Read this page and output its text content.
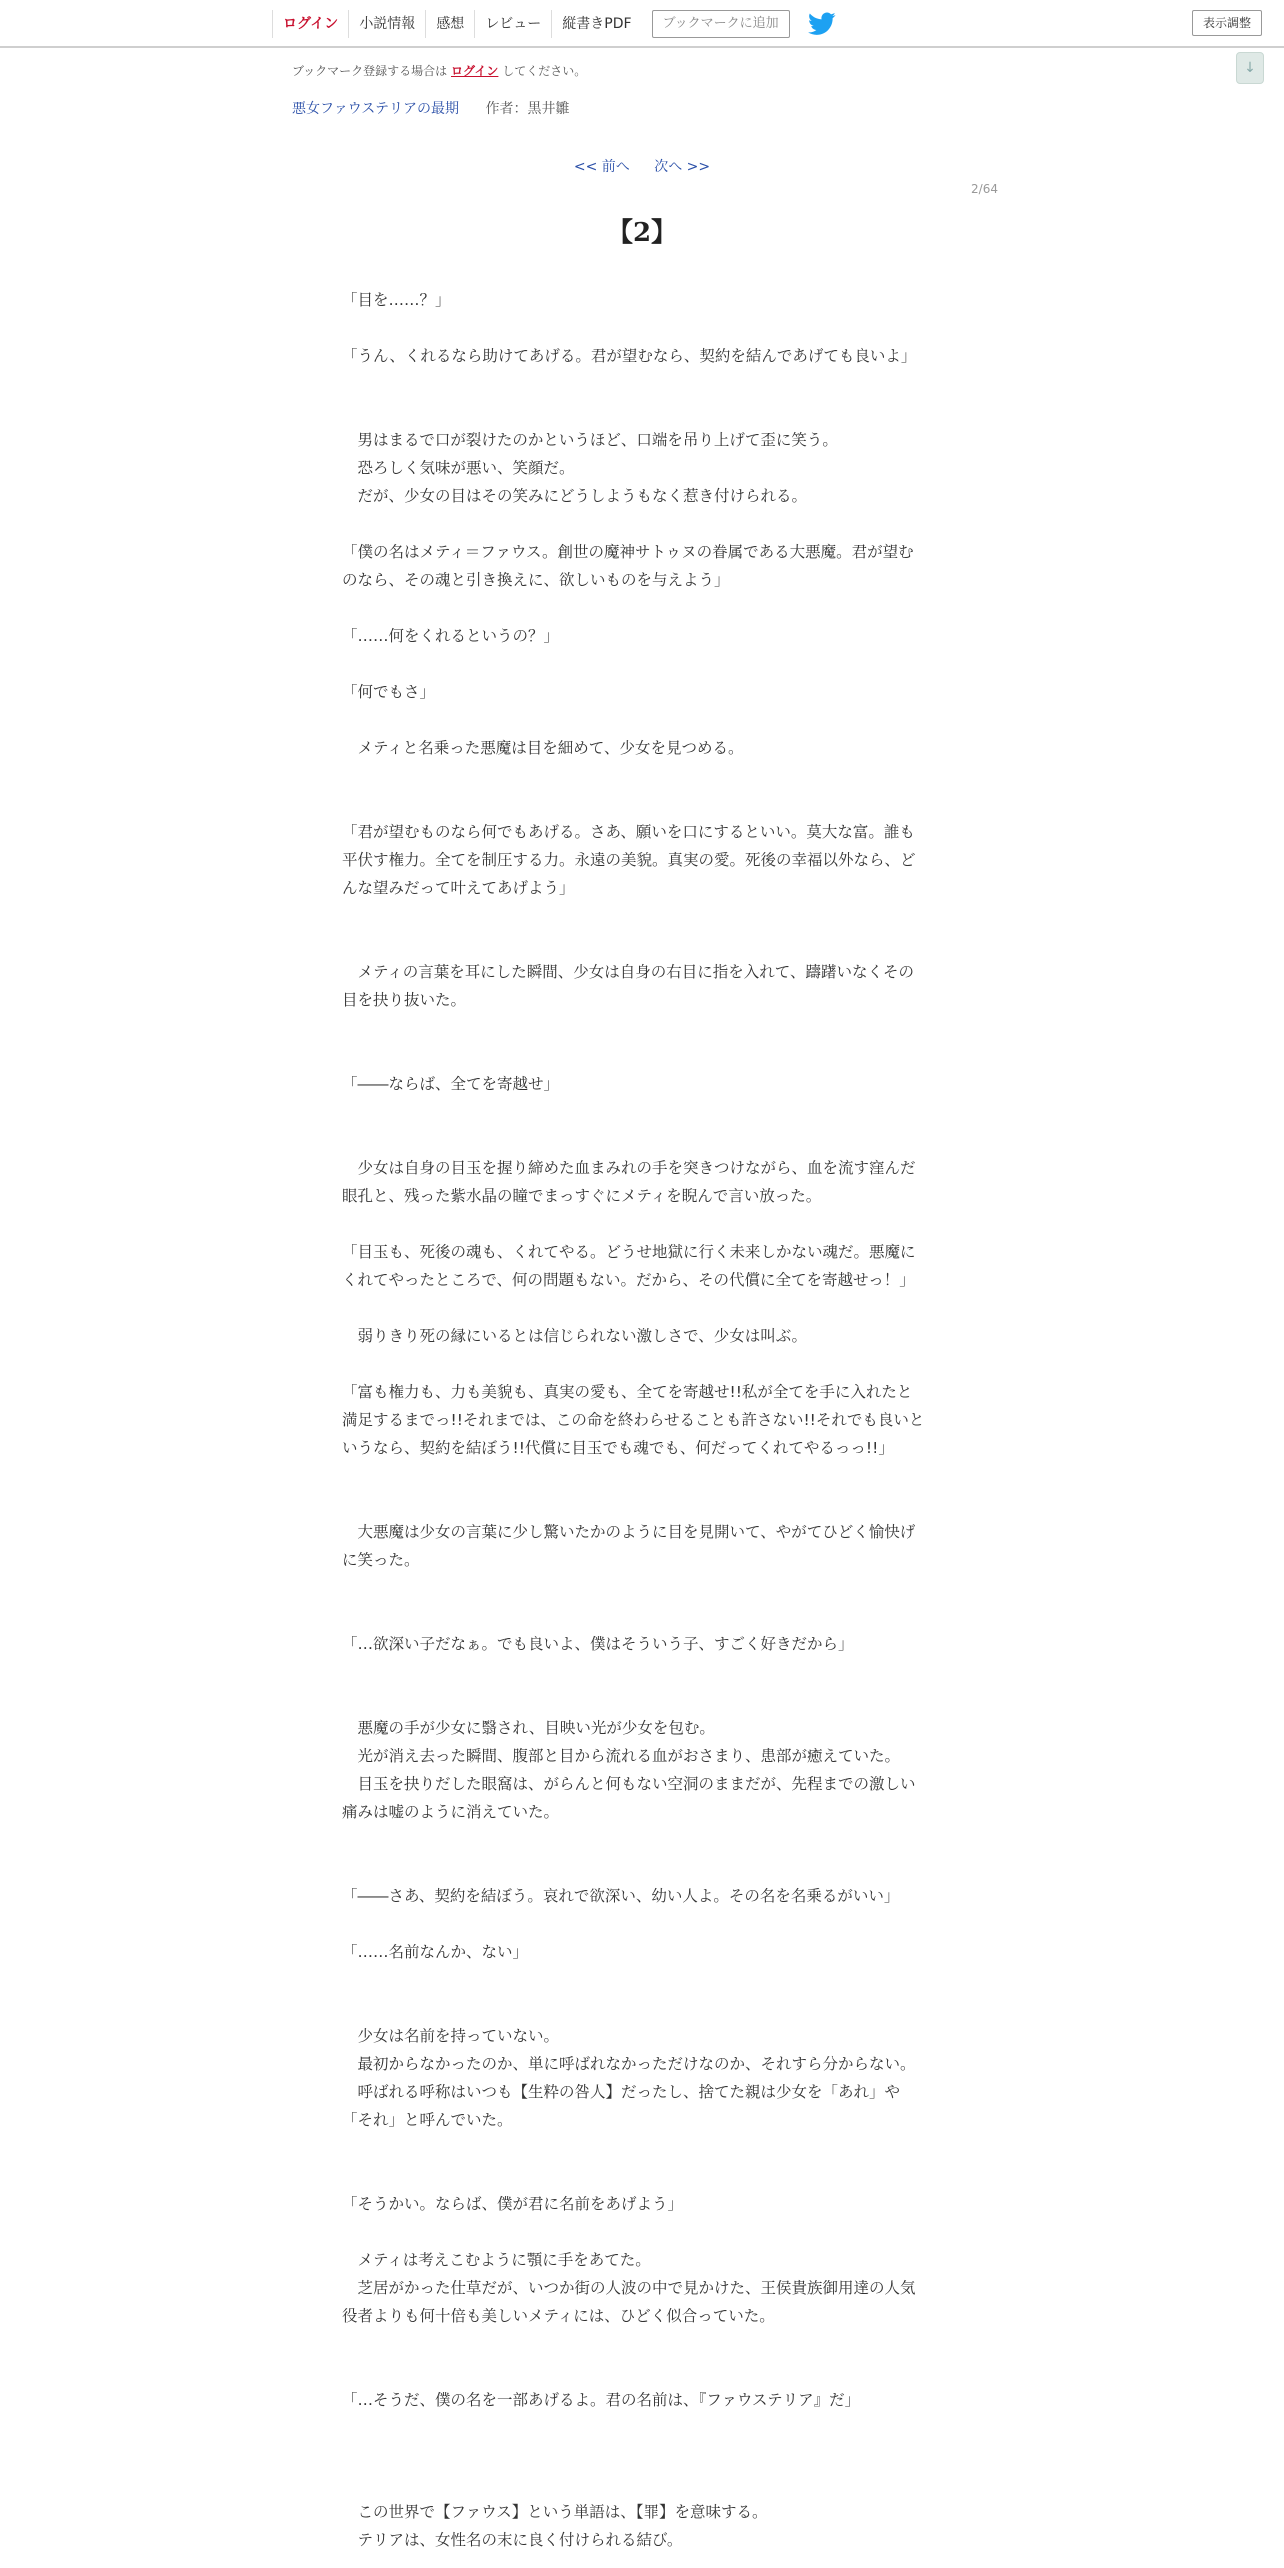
ログイン	小説情報	感想	レビュー	縦書きPDF	ブックマークに追加	表示調整
↓
ブックマーク登録する場合は ログイン してください。
悪女ファウステリアの最期 作者：黒井雛
<< 前へ 次へ >>
2/64
【2】
「目を……？」
「うん、くれるなら助けてあげる。君が望むなら、契約を結んであげても良いよ」
　男はまるで口が裂けたのかというほど、口端を吊り上げて歪に笑う。
　恐ろしく気味が悪い、笑顔だ。
　だが、少女の目はその笑みにどうしようもなく惹き付けられる。
「僕の名はメティ＝ファウス。創世の魔神サトゥヌの眷属である大悪魔。君が望む
のなら、その魂と引き換えに、欲しいものを与えよう」
「……何をくれるというの？」
「何でもさ」
　メティと名乗った悪魔は目を細めて、少女を見つめる。
「君が望むものなら何でもあげる。さあ、願いを口にするといい。莫大な富。誰も
平伏す権力。全てを制圧する力。永遠の美貌。真実の愛。死後の幸福以外なら、ど
んな望みだって叶えてあげよう」
　メティの言葉を耳にした瞬間、少女は自身の右目に指を入れて、躊躇いなくその
目を抉り抜いた。
「――ならば、全てを寄越せ」
　少女は自身の目玉を握り締めた血まみれの手を突きつけながら、血を流す窪んだ
眼孔と、残った紫水晶の瞳でまっすぐにメティを睨んで言い放った。
「目玉も、死後の魂も、くれてやる。どうせ地獄に行く未来しかない魂だ。悪魔に
くれてやったところで、何の問題もない。だから、その代償に全てを寄越せっ！」
　弱りきり死の縁にいるとは信じられない激しさで、少女は叫ぶ。
「富も権力も、力も美貌も、真実の愛も、全てを寄越せ!!私が全てを手に入れたと
満足するまでっ!!それまでは、この命を終わらせることも許さない!!それでも良いと
いうなら、契約を結ぼう!!代償に目玉でも魂でも、何だってくれてやるっっ!!」
　大悪魔は少女の言葉に少し驚いたかのように目を見開いて、やがてひどく愉快げ
に笑った。
「…欲深い子だなぁ。でも良いよ、僕はそういう子、すごく好きだから」
　悪魔の手が少女に翳され、目映い光が少女を包む。
　光が消え去った瞬間、腹部と目から流れる血がおさまり、患部が癒えていた。
　目玉を抉りだした眼窩は、がらんと何もない空洞のままだが、先程までの激しい
痛みは嘘のように消えていた。
「――さあ、契約を結ぼう。哀れで欲深い、幼い人よ。その名を名乗るがいい」
「……名前なんか、ない」
　少女は名前を持っていない。
　最初からなかったのか、単に呼ばれなかっただけなのか、それすら分からない。
　呼ばれる呼称はいつも【生粋の咎人】だったし、捨てた親は少女を「あれ」や
「それ」と呼んでいた。
「そうかい。ならば、僕が君に名前をあげよう」
　メティは考えこむように顎に手をあてた。
　芝居がかった仕草だが、いつか街の人波の中で見かけた、王侯貴族御用達の人気
役者よりも何十倍も美しいメティには、ひどく似合っていた。
「…そうだ、僕の名を一部あげるよ。君の名前は、『ファウステリア』だ」
　この世界で【ファウス】という単語は、【罪】を意味する。
　テリアは、女性名の末に良く付けられる結び。
